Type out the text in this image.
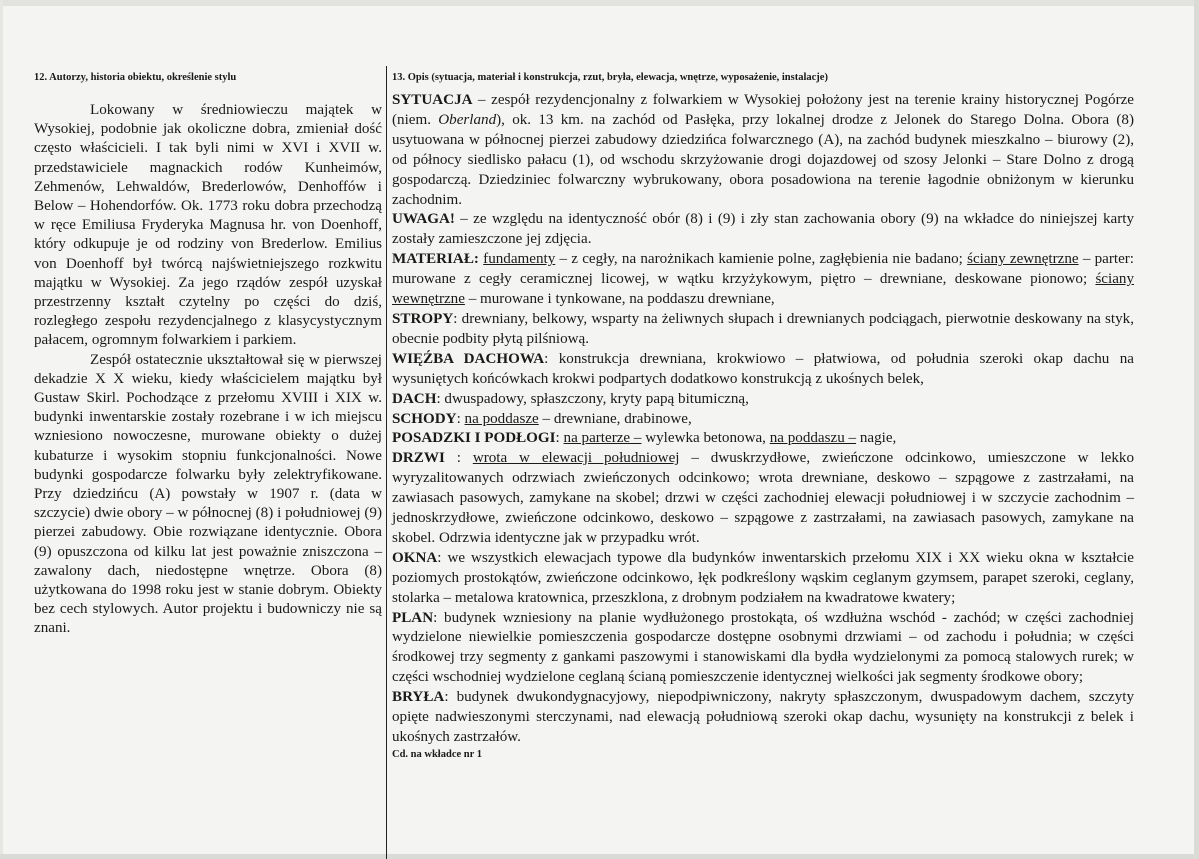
12. Autorzy, historia obiektu, określenie stylu

Lokowany w średniowieczu majątek w Wysokiej, podobnie jak okoliczne dobra, zmieniał dość często właścicieli. I tak byli nimi w XVI i XVII w. przedstawiciele magnackich rodów Kunheimów, Zehmenów, Lehwaldów, Brederlowów, Denhoffów i Below – Hohendorfów. Ok. 1773 roku dobra przechodzą w ręce Emiliusa Fryderyka Magnusa hr. von Doenhoff, który odkupuje je od rodziny von Brederlow. Emilius von Doenhoff był twórcą najświetniejszego rozkwitu majątku w Wysokiej. Za jego rządów zespół uzyskał przestrzenny kształt czytelny po części do dziś, rozległego zespołu rezydencjalnego z klasycystycznym pałacem, ogromnym folwarkiem i parkiem.

Zespół ostatecznie ukształtował się w pierwszej dekadzie X X wieku, kiedy właścicielem majątku był Gustaw Skirl. Pochodzące z przełomu XVIII i XIX w. budynki inwentarskie zostały rozebrane i w ich miejscu wzniesiono nowoczesne, murowane obiekty o dużej kubaturze i wysokim stopniu funkcjonalności. Nowe budynki gospodarcze folwarku były zelektryfikowane. Przy dziedzińcu (A) powstały w 1907 r. (data w szczycie) dwie obory – w północnej (8) i południowej (9) pierzei zabudowy. Obie rozwiązane identycznie. Obora (9) opuszczona od kilku lat jest poważnie zniszczona – zawalony dach, niedostępne wnętrze. Obora (8) użytkowana do 1998 roku jest w stanie dobrym. Obiekty bez cech stylowych. Autor projektu i budowniczy nie są znani.

13. Opis (sytuacja, materiał i konstrukcja, rzut, bryła, elewacja, wnętrze, wyposażenie, instalacje)

SYTUACJA – zespół rezydencjonalny z folwarkiem w Wysokiej położony jest na terenie krainy historycznej Pogórze (niem. Oberland), ok. 13 km. na zachód od Pasłęka, przy lokalnej drodze z Jelonek do Starego Dolna. Obora (8) usytuowana w północnej pierzei zabudowy dziedzińca folwarcznego (A), na zachód budynek mieszkalno – biurowy (2), od północy siedlisko pałacu (1), od wschodu skrzyżowanie drogi dojazdowej od szosy Jelonki – Stare Dolno z drogą gospodarczą. Dziedziniec folwarczny wybrukowany, obora posadowiona na terenie łagodnie obniżonym w kierunku zachodnim.

UWAGA! – ze względu na identyczność obór (8) i (9) i zły stan zachowania obory (9) na wkładce do niniejszej karty zostały zamieszczone jej zdjęcia.

MATERIAŁ: fundamenty – z cegły, na narożnikach kamienie polne, zagłębienia nie badano; ściany zewnętrzne – parter: murowane z cegły ceramicznej licowej, w wątku krzyżykowym, piętro – drewniane, deskowane pionowo; ściany wewnętrzne – murowane i tynkowane, na poddaszu drewniane,

STROPY: drewniany, belkowy, wsparty na żeliwnych słupach i drewnianych podciągach, pierwotnie deskowany na styk, obecnie podbity płytą pilśniową.

WIĘŹBA DACHOWA: konstrukcja drewniana, krokwiowo – płatwiowa, od południa szeroki okap dachu na wysuniętych końcówkach krokwi podpartych dodatkowo konstrukcją z ukośnych belek,

DACH: dwuspadowy, spłaszczony, kryty papą bitumiczną,

SCHODY: na poddasze – drewniane, drabinowe,

POSADZKI I PODŁOGI: na parterze – wylewka betonowa, na poddaszu – nagie,

DRZWI : wrota w elewacji południowej – dwuskrzydłowe, zwieńczone odcinkowo, umieszczone w lekko wyryzalitowanych odrzwiach zwieńczonych odcinkowo; wrota drewniane, deskowo – szpągowe z zastrzałami, na zawiasach pasowych, zamykane na skobel; drzwi w części zachodniej elewacji południowej i w szczycie zachodnim – jednoskrzydłowe, zwieńczone odcinkowo, deskowo – szpągowe z zastrzałami, na zawiasach pasowych, zamykane na skobel. Odrzwia identyczne jak w przypadku wrót.

OKNA: we wszystkich elewacjach typowe dla budynków inwentarskich przełomu XIX i XX wieku okna w kształcie poziomych prostokątów, zwieńczone odcinkowo, łęk podkreślony wąskim ceglanym gzymsem, parapet szeroki, ceglany, stolarka – metalowa kratownica, przeszklona, z drobnym podziałem na kwadratowe kwatery;

PLAN: budynek wzniesiony na planie wydłużonego prostokąta, oś wzdłużna wschód - zachód; w części zachodniej wydzielone niewielkie pomieszczenia gospodarcze dostępne osobnymi drzwiami – od zachodu i południa; w części środkowej trzy segmenty z gankami paszowymi i stanowiskami dla bydła wydzielonymi za pomocą stalowych rurek; w części wschodniej wydzielone ceglaną ścianą pomieszczenie identycznej wielkości jak segmenty środkowe obory;

BRYŁA: budynek dwukondygnacyjowy, niepodpiwniczony, nakryty spłaszczonym, dwuspadowym dachem, szczyty opięte nadwieszonymi sterczynami, nad elewacją południową szeroki okap dachu, wysunięty na konstrukcji z belek i ukośnych zastrzałów.

Cd. na wkładce nr 1
